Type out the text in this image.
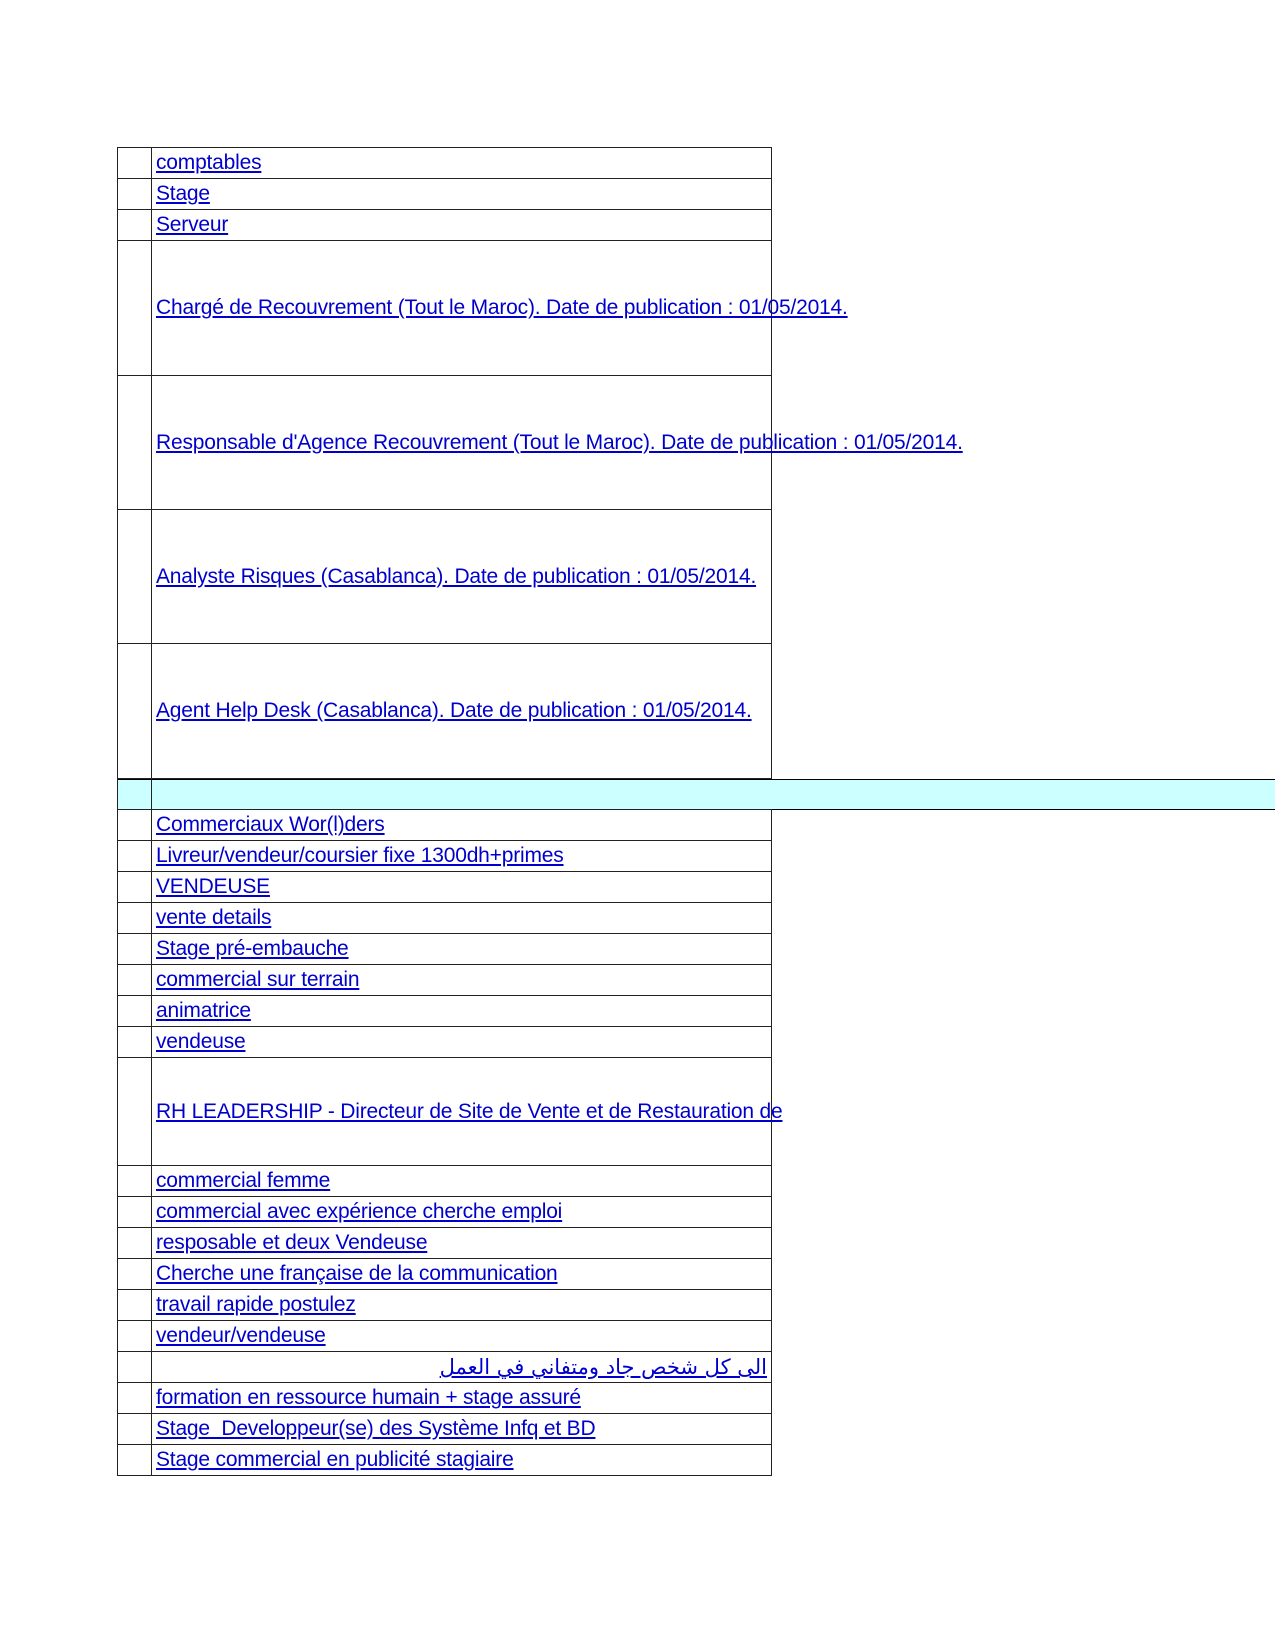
	comptables
	Stage
	Serveur
	Chargé de Recouvrement (Tout le Maroc). Date de publication : 01/05/2014.
	Responsable d'Agence Recouvrement (Tout le Maroc). Date de publication : 01/05/2014.
	Analyste Risques (Casablanca). Date de publication : 01/05/2014.
	Agent Help Desk (Casablanca). Date de publication : 01/05/2014.

	Commerciaux Wor(l)ders
	Livreur/vendeur/coursier fixe 1300dh+primes
	VENDEUSE
	vente details
	Stage pré-embauche
	commercial sur terrain
	animatrice
	vendeuse
	RH LEADERSHIP - Directeur de Site de Vente et de Restauration de
	commercial femme
	commercial avec expérience cherche emploi
	resposable et deux Vendeuse
	Cherche une française de la communication
	travail rapide postulez
	vendeur/vendeuse
	الى كل شخص جاد ومتفاني في العمل
	formation en ressource humain + stage assuré
	Stage_Developpeur(se) des Système Infq et BD
	Stage commercial en publicité stagiaire
